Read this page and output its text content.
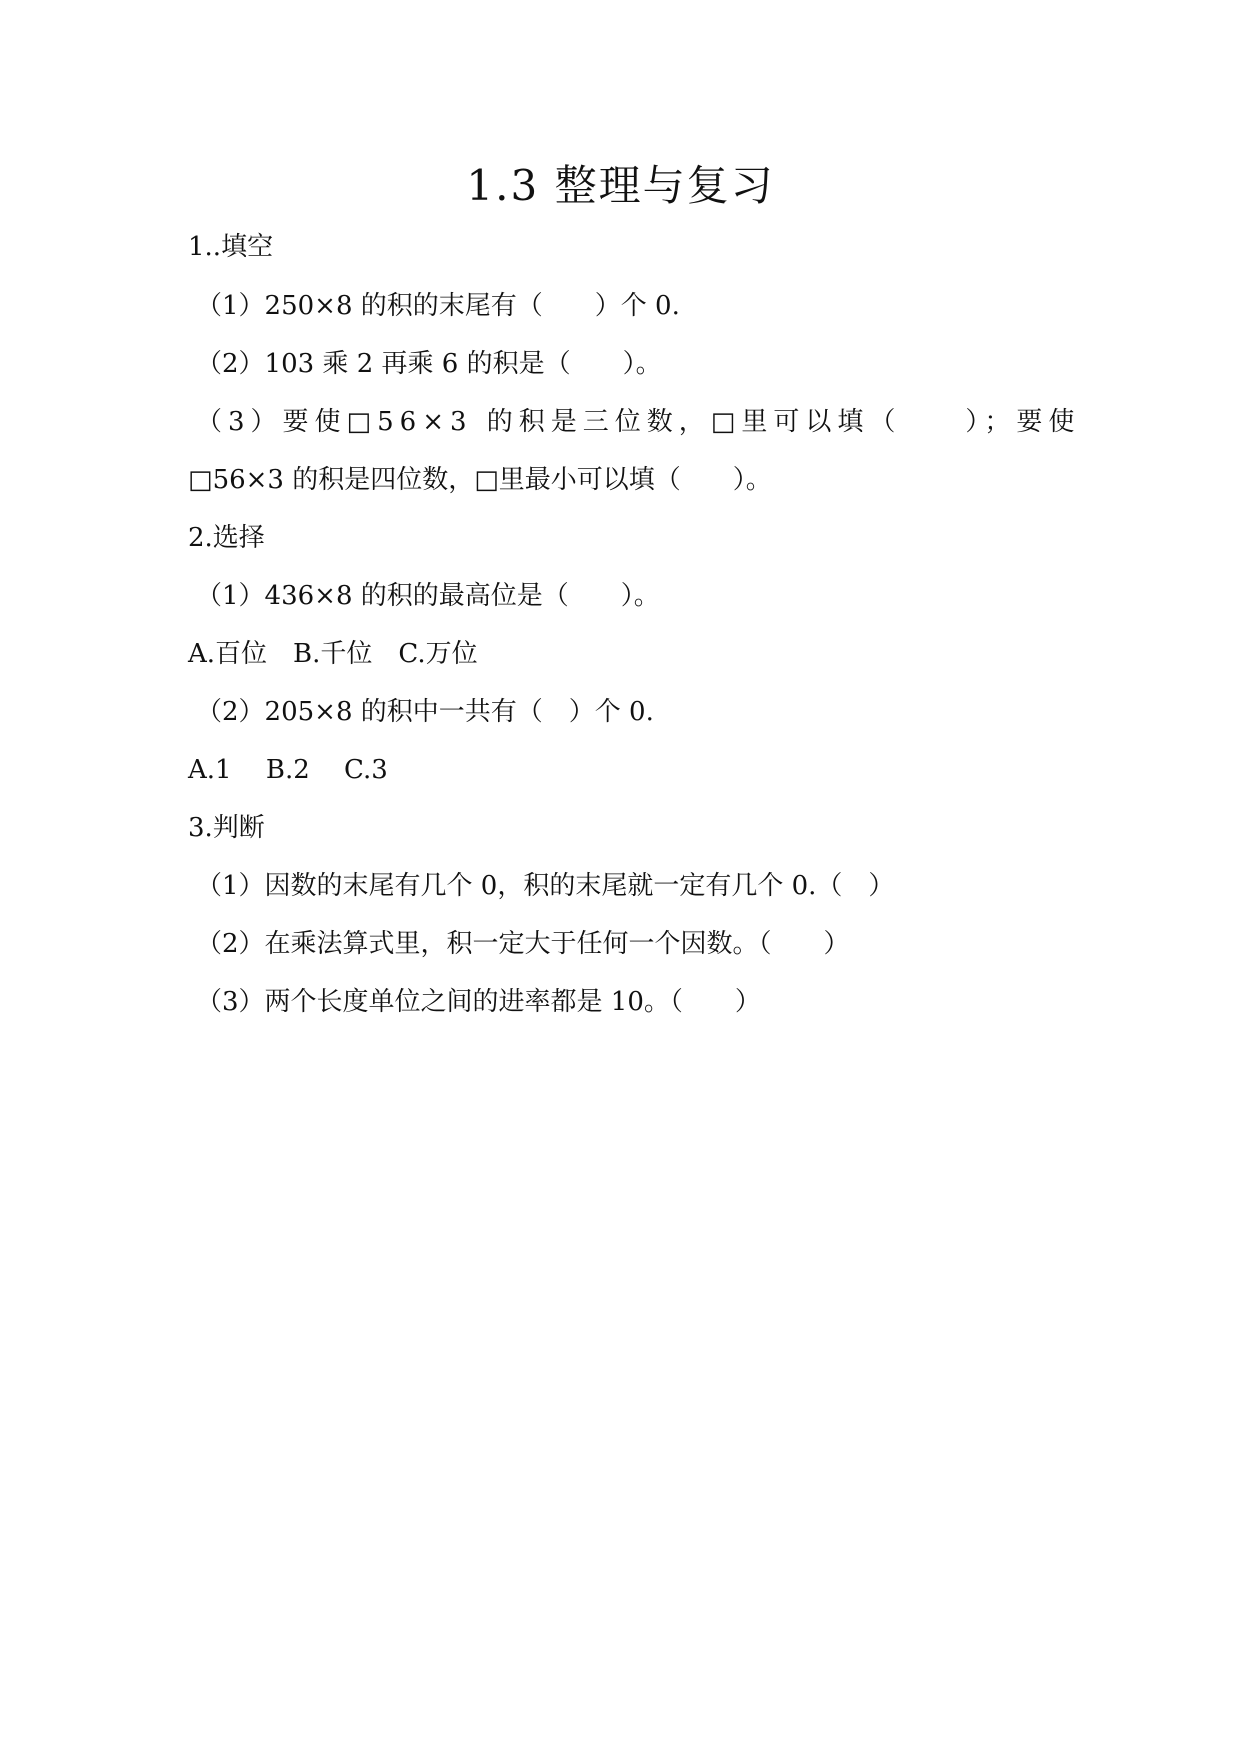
1.3 整理与复习
1..填空
（1）250×8 的积的末尾有（　　）个 0.
（2）103 乘 2 再乘 6 的积是（　　）。
（3）要使□56×3 的积是三位数，□里可以填（　　）；要使
□56×3 的积是四位数，□里最小可以填（　　）。
2.选择
（1）436×8 的积的最高位是（　　）。
A.百位　B.千位　C.万位
（2）205×8 的积中一共有（　）个 0.
A.1　 B.2　 C.3
3.判断
（1）因数的末尾有几个 0，积的末尾就一定有几个 0.（　）
（2）在乘法算式里，积一定大于任何一个因数。（　　）
（3）两个长度单位之间的进率都是 10。（　　）
